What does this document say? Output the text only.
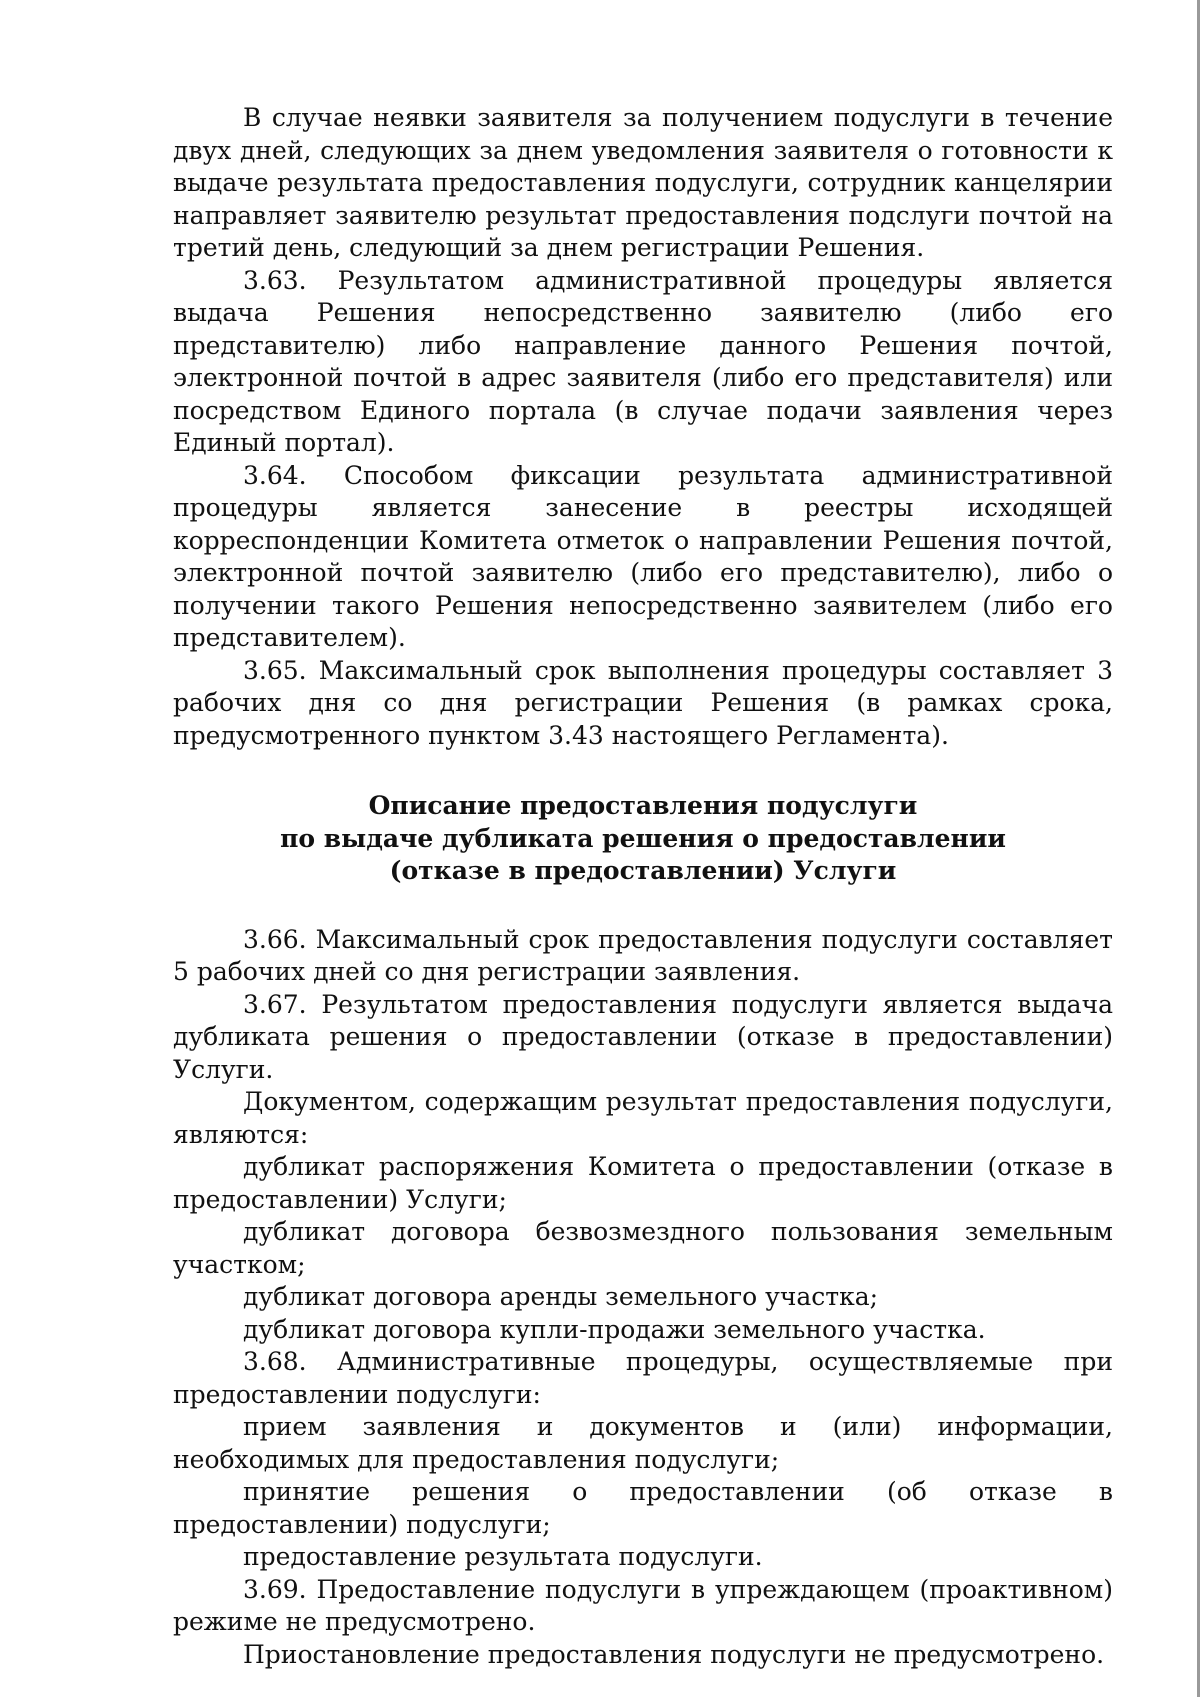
В случае неявки заявителя за получением подуслуги в течение двух дней, следующих за днем уведомления заявителя о готовности к выдаче результата предоставления подуслуги, сотрудник канцелярии направляет заявителю результат предоставления подслуги почтой на третий день, следующий за днем регистрации Решения.

3.63. Результатом административной процедуры является выдача Решения непосредственно заявителю (либо его представителю) либо направление данного Решения почтой, электронной почтой в адрес заявителя (либо его представителя) или посредством Единого портала (в случае подачи заявления через Единый портал).

3.64. Способом фиксации результата административной процедуры является занесение в реестры исходящей корреспонденции Комитета отметок о направлении Решения почтой, электронной почтой заявителю (либо его представителю), либо о получении такого Решения непосредственно заявителем (либо его представителем).

3.65. Максимальный срок выполнения процедуры составляет 3 рабочих дня со дня регистрации Решения (в рамках срока, предусмотренного пунктом 3.43 настоящего Регламента).

Описание предоставления подуслуги
по выдаче дубликата решения о предоставлении
(отказе в предоставлении) Услуги

3.66. Максимальный срок предоставления подуслуги составляет 5 рабочих дней со дня регистрации заявления.

3.67. Результатом предоставления подуслуги является выдача дубликата решения о предоставлении (отказе в предоставлении) Услуги.

Документом, содержащим результат предоставления подуслуги, являются:

дубликат распоряжения Комитета о предоставлении (отказе в предоставлении) Услуги;

дубликат договора безвозмездного пользования земельным участком;

дубликат договора аренды земельного участка;

дубликат договора купли-продажи земельного участка.

3.68. Административные процедуры, осуществляемые при предоставлении подуслуги:

прием заявления и документов и (или) информации, необходимых для предоставления подуслуги;

принятие решения о предоставлении (об отказе в предоставлении) подуслуги;

предоставление результата подуслуги.

3.69. Предоставление подуслуги в упреждающем (проактивном) режиме не предусмотрено.

Приостановление предоставления подуслуги не предусмотрено.
